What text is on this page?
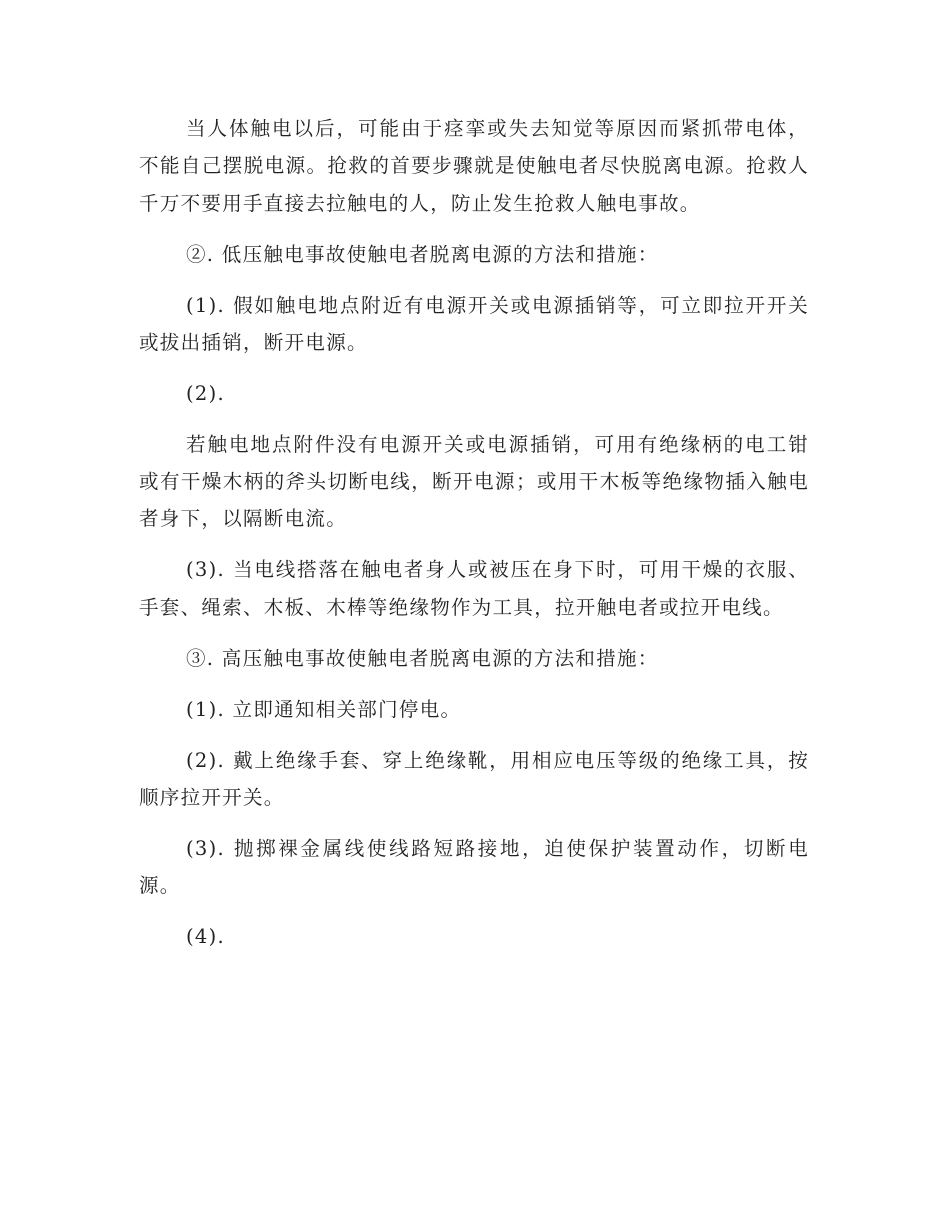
当人体触电以后，可能由于痉挛或失去知觉等原因而紧抓带电体，不能自己摆脱电源。抢救的首要步骤就是使触电者尽快脱离电源。抢救人千万不要用手直接去拉触电的人，防止发生抢救人触电事故。

②. 低压触电事故使触电者脱离电源的方法和措施：

(1). 假如触电地点附近有电源开关或电源插销等，可立即拉开开关或拔出插销，断开电源。

(2).

若触电地点附件没有电源开关或电源插销，可用有绝缘柄的电工钳或有干燥木柄的斧头切断电线，断开电源；或用干木板等绝缘物插入触电者身下，以隔断电流。

(3). 当电线搭落在触电者身人或被压在身下时，可用干燥的衣服、手套、绳索、木板、木棒等绝缘物作为工具，拉开触电者或拉开电线。

③. 高压触电事故使触电者脱离电源的方法和措施：

(1). 立即通知相关部门停电。

(2). 戴上绝缘手套、穿上绝缘靴，用相应电压等级的绝缘工具，按顺序拉开开关。

(3). 抛掷裸金属线使线路短路接地，迫使保护装置动作，切断电源。

(4).
